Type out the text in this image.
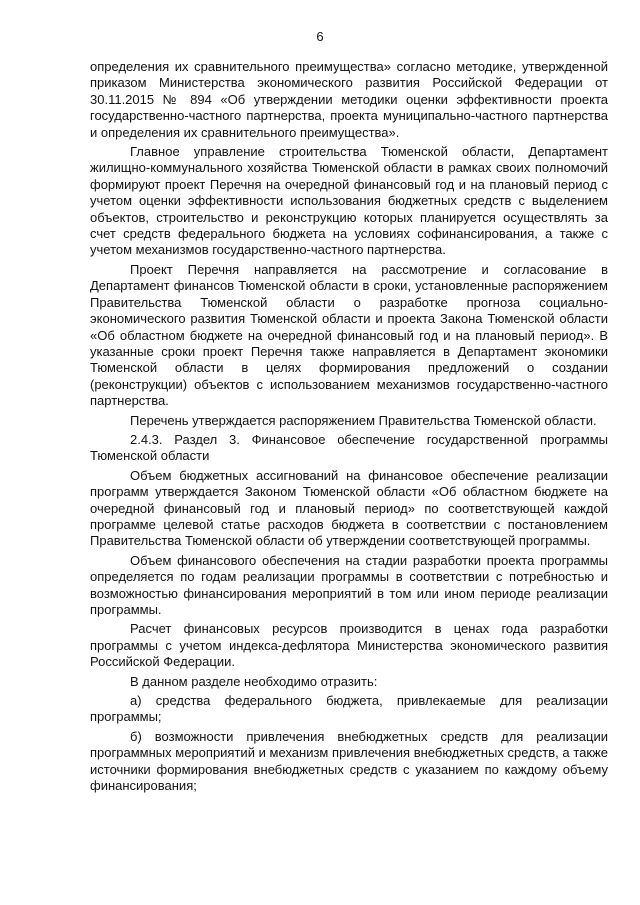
6

определения их сравнительного преимущества» согласно методике, утвержденной приказом Министерства экономического развития Российской Федерации от 30.11.2015 № 894 «Об утверждении методики оценки эффективности проекта государственно-частного партнерства, проекта муниципально-частного партнерства и определения их сравнительного преимущества».

Главное управление строительства Тюменской области, Департамент жилищно-коммунального хозяйства Тюменской области в рамках своих полномочий формируют проект Перечня на очередной финансовый год и на плановый период с учетом оценки эффективности использования бюджетных средств с выделением объектов, строительство и реконструкцию которых планируется осуществлять за счет средств федерального бюджета на условиях софинансирования, а также с учетом механизмов государственно-частного партнерства.

Проект Перечня направляется на рассмотрение и согласование в Департамент финансов Тюменской области в сроки, установленные распоряжением Правительства Тюменской области о разработке прогноза социально-экономического развития Тюменской области и проекта Закона Тюменской области «Об областном бюджете на очередной финансовый год и на плановый период». В указанные сроки проект Перечня также направляется в Департамент экономики Тюменской области в целях формирования предложений о создании (реконструкции) объектов с использованием механизмов государственно-частного партнерства.

Перечень утверждается распоряжением Правительства Тюменской области.

2.4.3. Раздел 3. Финансовое обеспечение государственной программы Тюменской области

Объем бюджетных ассигнований на финансовое обеспечение реализации программ утверждается Законом Тюменской области «Об областном бюджете на очередной финансовый год и плановый период» по соответствующей каждой программе целевой статье расходов бюджета в соответствии с постановлением Правительства Тюменской области об утверждении соответствующей программы.

Объем финансового обеспечения на стадии разработки проекта программы определяется по годам реализации программы в соответствии с потребностью и возможностью финансирования мероприятий в том или ином периоде реализации программы.

Расчет финансовых ресурсов производится в ценах года разработки программы с учетом индекса-дефлятора Министерства экономического развития Российской Федерации.

В данном разделе необходимо отразить:

а) средства федерального бюджета, привлекаемые для реализации программы;

б) возможности привлечения внебюджетных средств для реализации программных мероприятий и механизм привлечения внебюджетных средств, а также источники формирования внебюджетных средств с указанием по каждому объему финансирования;
